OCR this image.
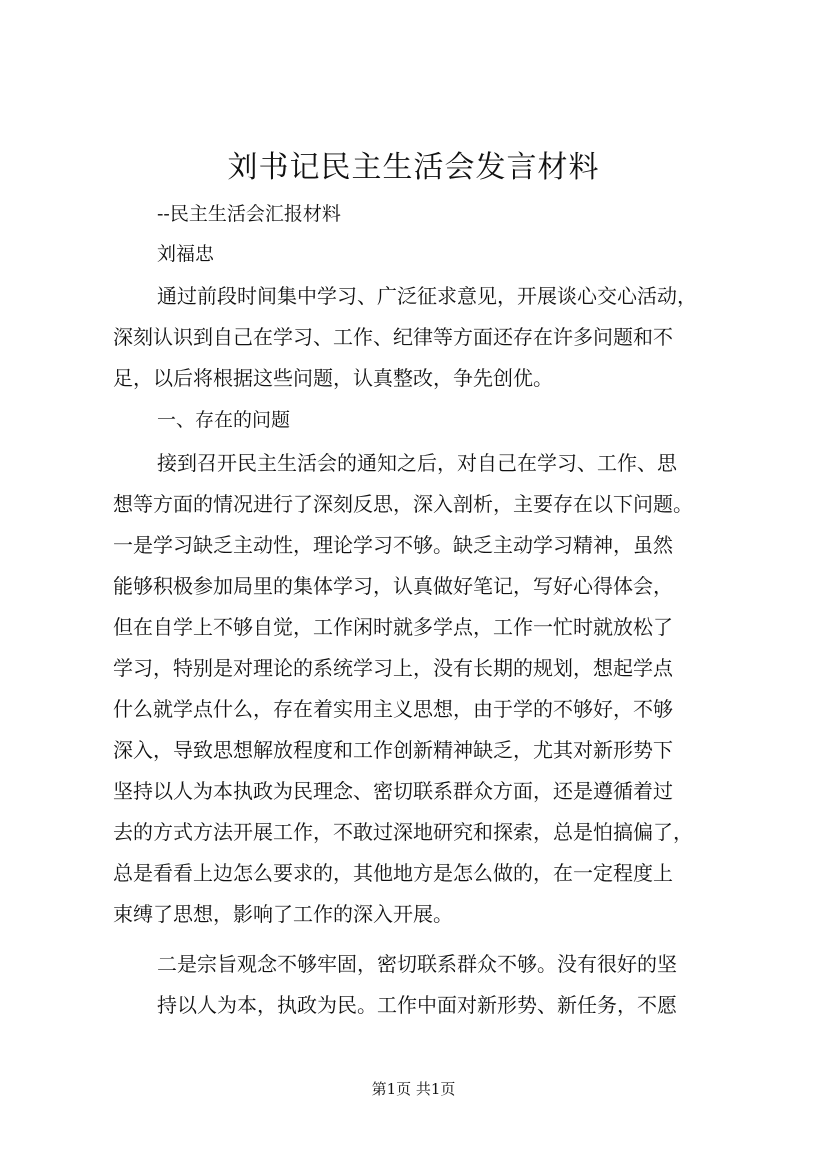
刘书记民主生活会发言材料

--民主生活会汇报材料

刘福忠

通过前段时间集中学习、广泛征求意见，开展谈心交心活动，

深刻认识到自己在学习、工作、纪律等方面还存在许多问题和不

足，以后将根据这些问题，认真整改，争先创优。

一、存在的问题

接到召开民主生活会的通知之后，对自己在学习、工作、思

想等方面的情况进行了深刻反思，深入剖析，主要存在以下问题。

一是学习缺乏主动性，理论学习不够。缺乏主动学习精神，虽然

能够积极参加局里的集体学习，认真做好笔记，写好心得体会，

但在自学上不够自觉，工作闲时就多学点，工作一忙时就放松了

学习，特别是对理论的系统学习上，没有长期的规划，想起学点

什么就学点什么，存在着实用主义思想，由于学的不够好，不够

深入，导致思想解放程度和工作创新精神缺乏，尤其对新形势下

坚持以人为本执政为民理念、密切联系群众方面，还是遵循着过

去的方式方法开展工作，不敢过深地研究和探索，总是怕搞偏了，

总是看看上边怎么要求的，其他地方是怎么做的，在一定程度上

束缚了思想，影响了工作的深入开展。

二是宗旨观念不够牢固，密切联系群众不够。没有很好的坚

持以人为本，执政为民。工作中面对新形势、新任务，不愿

第1页 共1页
